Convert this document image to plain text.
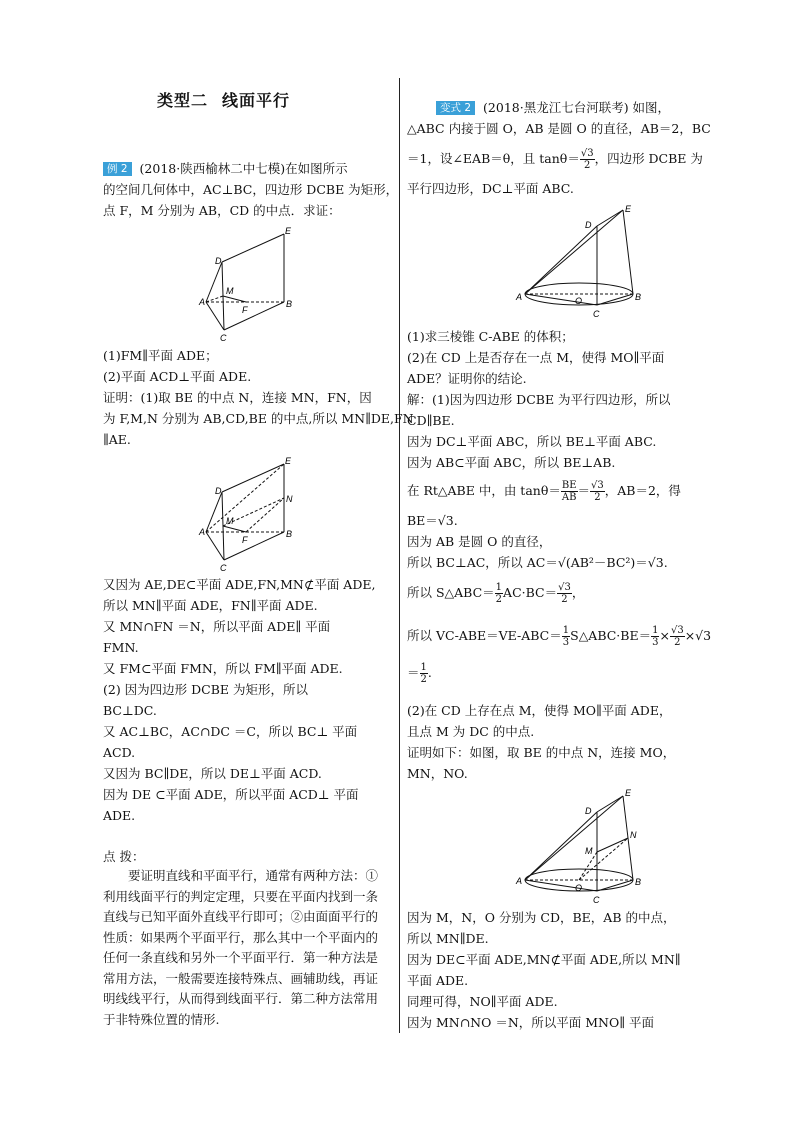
类型二 线面平行
例 2 (2018·陕西榆林二中七模)在如图所示
的空间几何体中，AC⊥BC，四边形 DCBE 为矩形，
点 F，M 分别为 AB，CD 的中点．求证：
D
E
A	B
C
M
F
(1)FM∥平面 ADE；
(2)平面 ACD⊥平面 ADE.
证明：(1)取 BE 的中点 N，连接 MN，FN，因
为 F,M,N 分别为 AB,CD,BE 的中点,所以 MN∥DE,FN
∥AE.
D
E
N
A	B
C
M
F
又因为 AE,DE⊂平面 ADE,FN,MN⊄平面 ADE,
所以 MN∥平面 ADE，FN∥平面 ADE.
又 MN∩FN ＝N，所以平面 ADE∥ 平面
FMN.
又 FM⊂平面 FMN，所以 FM∥平面 ADE.
(2) 因为四边形 DCBE 为矩形，所以
BC⊥DC.
又 AC⊥BC，AC∩DC ＝C，所以 BC⊥ 平面
ACD.
又因为 BC∥DE，所以 DE⊥平面 ACD.
因为 DE ⊂平面 ADE，所以平面 ACD⊥ 平面
ADE.
点 拨：
要证明直线和平面平行，通常有两种方法：①利用线面平行的判定定理，只要在平面内找到一条直线与已知平面外直线平行即可；②由面面平行的性质：如果两个平面平行，那么其中一个平面内的任何一条直线和另外一个平面平行．第一种方法是常用方法，一般需要连接特殊点、画辅助线，再证明线线平行，从而得到线面平行．第二种方法常用于非特殊位置的情形.
变式 2 (2018·黑龙江七台河联考) 如图，
△ABC 内接于圆 O，AB 是圆 O 的直径，AB＝2，BC
＝1，设∠EAB＝θ，且 $\tan\theta= \frac{√3}{2}$ ，四边形 DCBE 为
平行四边形，DC⊥平面 ABC.
D
E
A	B
O
C
(1)求三棱锥 C-ABE 的体积；
(2)在 CD 上是否存在一点 M，使得 MO∥平面
ADE？证明你的结论.
解：(1)因为四边形 DCBE 为平行四边形，所以
CD∥BE.
因为 DC⊥平面 ABC，所以 BE⊥平面 ABC.
因为 AB⊂平面 ABC，所以 BE⊥AB.
在 Rt△ABE 中，由 $\tan\theta= \frac{BE}{AB} = \frac{√3}{2}$ ，AB＝2，得
BE＝√3.
因为 AB 是圆 O 的直径，
所以 BC⊥AC，所以 AC＝√(AB²－BC²)＝√3.
所以 S△ABC＝ $\frac{1}{2} AC\cdot BC= \frac{√3}{2}$ ，
所以 $VC-ABE=VE-ABC= \frac{1}{3}$ S△ABC·BE＝ $\frac{1}{3} \times \frac{√3}{2} \times√3$
＝ $\frac{1}{2}$ .
(2)在 CD 上存在点 M，使得 MO∥平面 ADE，
且点 M 为 DC 的中点.
证明如下：如图，取 BE 的中点 N，连接 MO，
MN，NO.
D
E
N
M
A	B
O
C
因为 M，N，O 分别为 CD，BE，AB 的中点，
所以 MN∥DE.
因为 DE⊂平面 ADE,MN⊄平面 ADE,所以 MN∥
平面 ADE.
同理可得，NO∥平面 ADE.
因为 MN∩NO ＝N，所以平面 MNO∥ 平面
